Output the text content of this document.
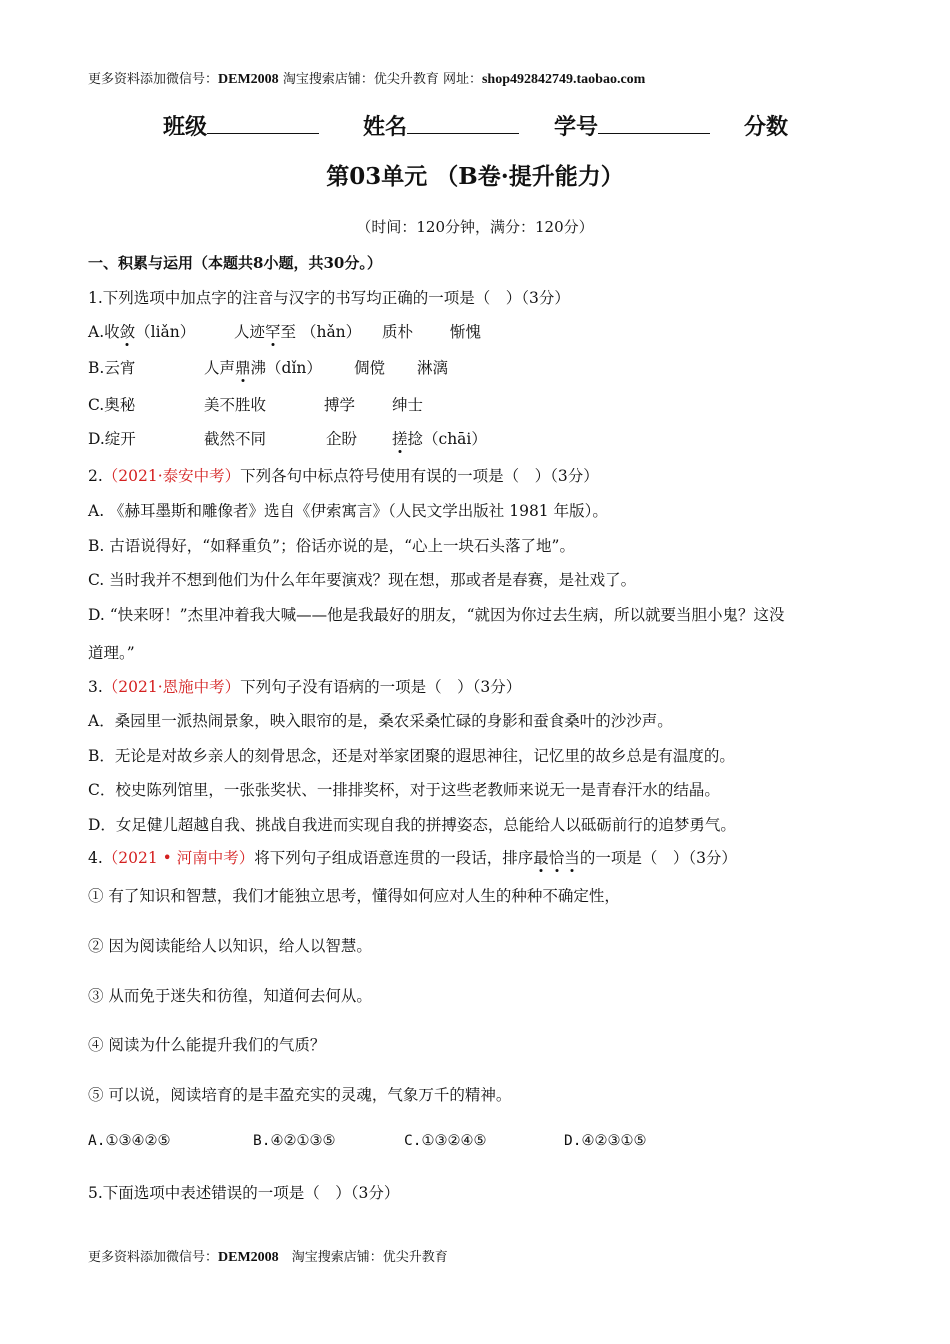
更多资料添加微信号：DEM2008 淘宝搜索店铺：优尖升教育 网址：shop492842749.taobao.com
班级	姓名	学号	分数
第03单元 （B卷·提升能力）
（时间：120分钟，满分：120分）
一、积累与运用（本题共8小题，共30分。）
1.下列选项中加点字的注音与汉字的书写均正确的一项是（　）（3分）
A.收敛（liǎn） 人迹罕至 （hǎn） 质朴 惭愧
B.云宵	人声鼎沸（dǐn） 倜傥 淋漓
C.奥秘	美不胜收	搏学 绅士
D.绽开	截然不同	企盼 搓捻（chāi）
2.（2021·泰安中考）下列各句中标点符号使用有误的一项是（　）（3分）
A. 《赫耳墨斯和雕像者》选自《伊索寓言》（人民文学出版社 1981 年版）。
B. 古语说得好，“如释重负”；俗话亦说的是，“心上一块石头落了地”。
C. 当时我并不想到他们为什么年年要演戏？现在想，那或者是春赛，是社戏了。
D. “快来呀！”杰里冲着我大喊——他是我最好的朋友，“就因为你过去生病，所以就要当胆小鬼？这没
道理。”
3.（2021·恩施中考）下列句子没有语病的一项是（　）（3分）
A．桑园里一派热闹景象，映入眼帘的是，桑农采桑忙碌的身影和蚕食桑叶的沙沙声。
B．无论是对故乡亲人的刻骨思念，还是对举家团聚的遐思神往，记忆里的故乡总是有温度的。
C．校史陈列馆里，一张张奖状、一排排奖杯，对于这些老教师来说无一是青春汗水的结晶。
D．女足健儿超越自我、挑战自我进而实现自我的拼搏姿态，总能给人以砥砺前行的追梦勇气。
4.（2021 • 河南中考）将下列句子组成语意连贯的一段话，排序最恰当的一项是（　）（3分）
① 有了知识和智慧，我们才能独立思考，懂得如何应对人生的种种不确定性，
② 因为阅读能给人以知识，给人以智慧。
③ 从而免于迷失和彷徨，知道何去何从。
④ 阅读为什么能提升我们的气质？
⑤ 可以说，阅读培育的是丰盈充实的灵魂，气象万千的精神。
A.①③④②⑤	B.④②①③⑤	C.①③②④⑤	D.④②③①⑤
5.下面选项中表述错误的一项是（　）（3分）
更多资料添加微信号：DEM2008　淘宝搜索店铺：优尖升教育
